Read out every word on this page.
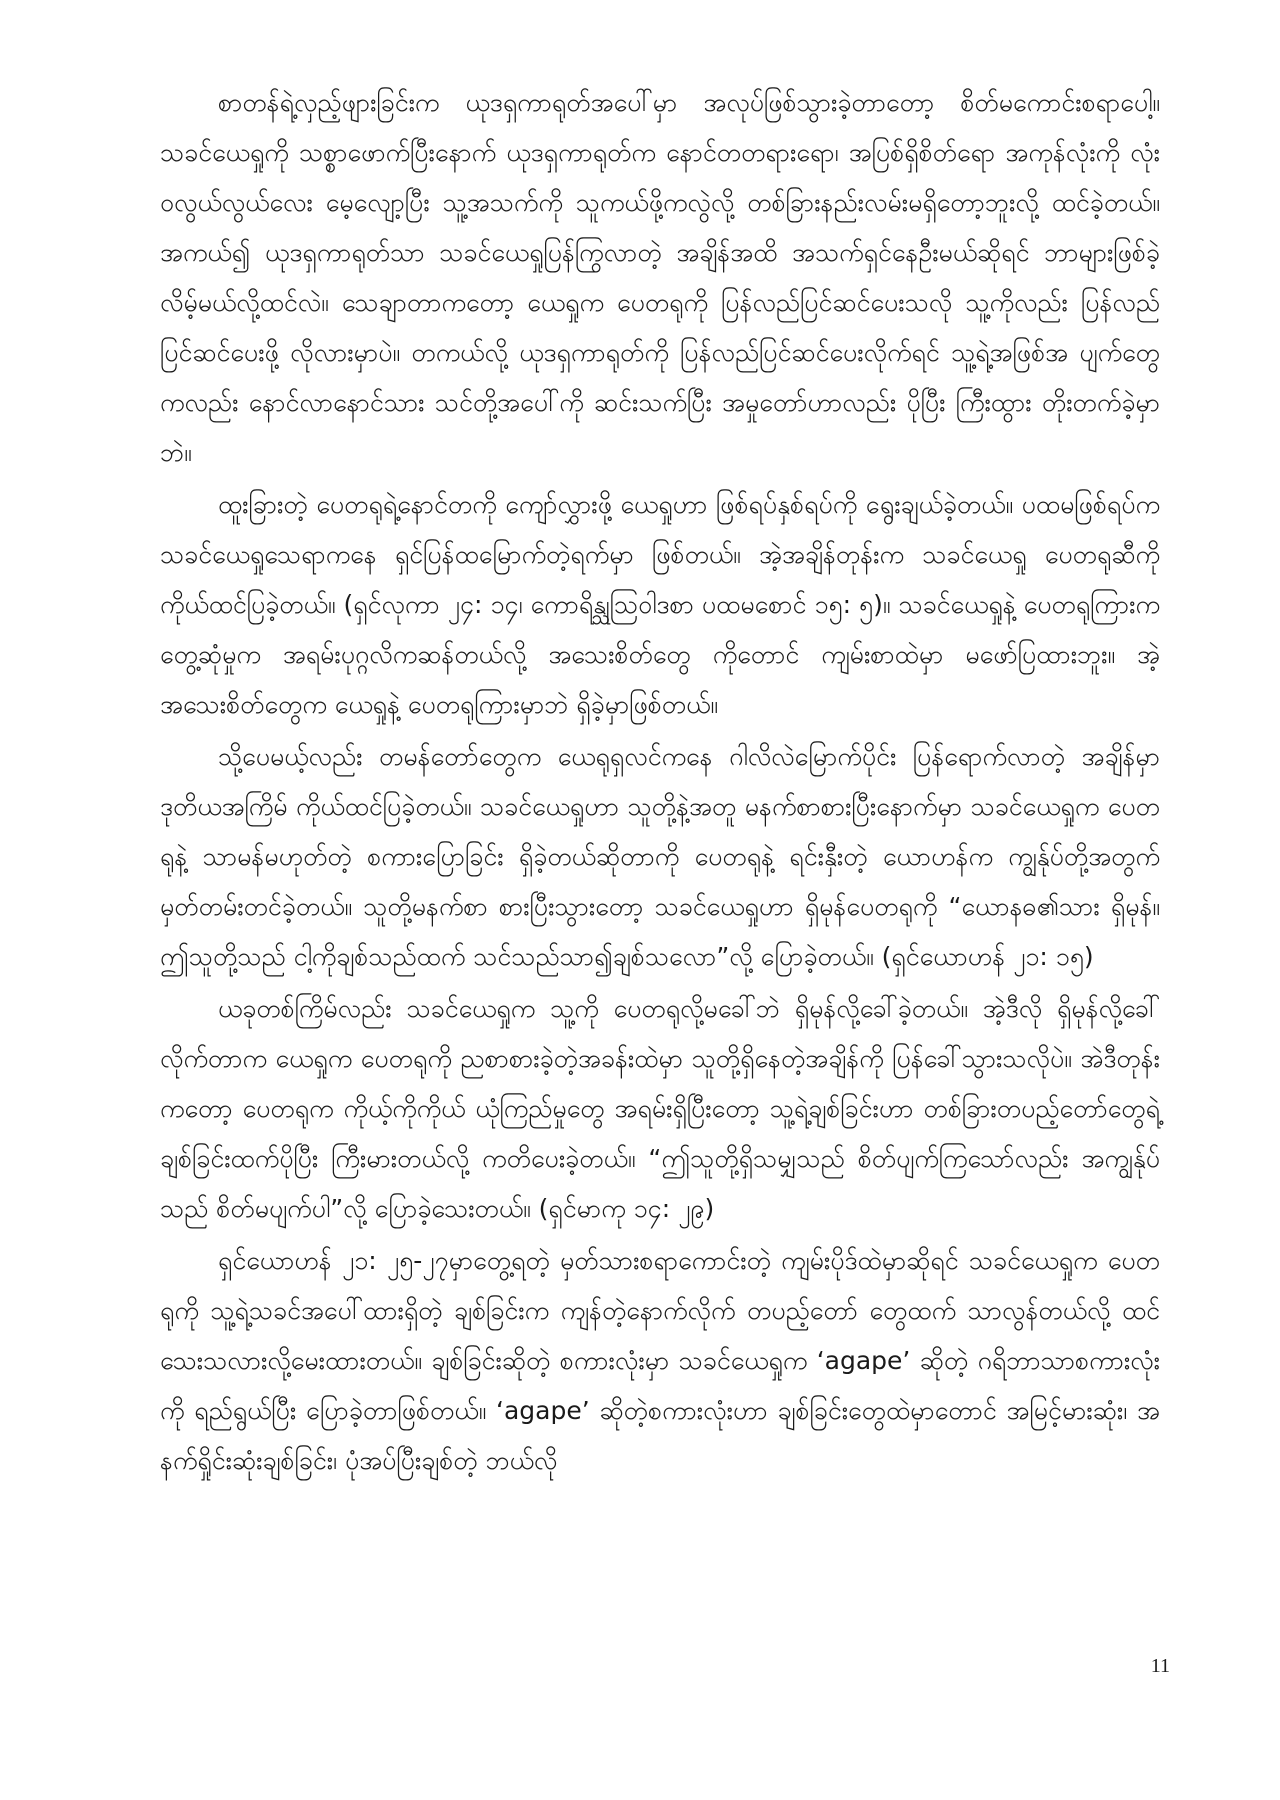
စာတန်ရဲ့လှည့်ဖျားခြင်းက ယုဒရှကာရုတ်အပေါ်မှာ အလုပ်ဖြစ်သွားခဲ့တာတော့ စိတ်မကောင်းစရာပေါ့။ သခင်ယေရှုကို သစ္စာဖောက်ပြီးနောက် ယုဒရှကာရုတ်က နောင်တတရားရော၊ အပြစ်ရှိစိတ်ရော အကုန်လုံးကို လုံးဝလွယ်လွယ်လေး မေ့လျော့ပြီး သူ့အသက်ကို သူကယ်ဖို့ကလွဲလို့ တစ်ခြားနည်းလမ်းမရှိတော့ဘူးလို့ ထင်ခဲ့တယ်။ အကယ်၍ ယုဒရှကာရုတ်သာ သခင်ယေရှုပြန်ကြွလာတဲ့ အချိန်အထိ အသက်ရှင်နေဦးမယ်ဆိုရင် ဘာများဖြစ်ခဲ့လိမ့်မယ်လို့ထင်လဲ။ သေချာတာကတော့ ယေရှုက ပေတရုကို ပြန်လည်ပြင်ဆင်ပေးသလို သူ့ကိုလည်း ပြန်လည်ပြင်ဆင်ပေးဖို့ လိုလားမှာပဲ။ တကယ်လို့ ယုဒရှကာရုတ်ကို ပြန်လည်ပြင်ဆင်ပေးလိုက်ရင် သူ့ရဲ့အဖြစ်အ ပျက်တွေကလည်း နောင်လာနောင်သား သင်တို့အပေါ်ကို ဆင်းသက်ပြီး အမှုတော်ဟာလည်း ပိုပြီး ကြီးထွား တိုးတက်ခဲ့မှာဘဲ။

ထူးခြားတဲ့ ပေတရုရဲ့နောင်တကို ကျော်လွှားဖို့ ယေရှုဟာ ဖြစ်ရပ်နှစ်ရပ်ကို ရွေးချယ်ခဲ့တယ်။ ပထမဖြစ်ရပ်က သခင်ယေရှုသေရာကနေ ရှင်ပြန်ထမြောက်တဲ့ရက်မှာ ဖြစ်တယ်။ အဲ့အချိန်တုန်းက သခင်ယေရှု ပေတရုဆီကို ကိုယ်ထင်ပြခဲ့တယ်။ (ရှင်လုကာ ၂၄: ၁၄၊ ကောရိန္သုသြဝါဒစာ ပထမစောင် ၁၅: ၅)။ သခင်ယေရှုနဲ့ ပေတရုကြားက တွေ့ဆုံမှုက အရမ်းပုဂ္ဂလိကဆန်တယ်လို့ အသေးစိတ်တွေ ကိုတောင် ကျမ်းစာထဲမှာ မဖော်ပြထားဘူး။ အဲ့အသေးစိတ်တွေက ယေရှုနဲ့ ပေတရုကြားမှာဘဲ ရှိခဲ့မှာဖြစ်တယ်။

သို့ပေမယ့်လည်း တမန်တော်တွေက ယေရုရှလင်ကနေ ဂါလိလဲမြောက်ပိုင်း ပြန်ရောက်လာတဲ့ အချိန်မှာ ဒုတိယအကြိမ် ကိုယ်ထင်ပြခဲ့တယ်။ သခင်ယေရှုဟာ သူတို့နဲ့အတူ မနက်စာစားပြီးနောက်မှာ သခင်ယေရှုက ပေတရုနဲ့ သာမန်မဟုတ်တဲ့ စကားပြောခြင်း ရှိခဲ့တယ်ဆိုတာကို ပေတရုနဲ့ ရင်းနှီးတဲ့ ယောဟန်က ကျွန်ုပ်တို့အတွက် မှတ်တမ်းတင်ခဲ့တယ်။ သူတို့မနက်စာ စားပြီးသွားတော့ သခင်ယေရှုဟာ ရှိမုန်ပေတရုကို “ယောနဓ၏သား ရှိမုန်။ ဤသူတို့သည် ငါ့ကိုချစ်သည်ထက် သင်သည်သာ၍ချစ်သလော”လို့ ပြောခဲ့တယ်။ (ရှင်ယောဟန် ၂၁: ၁၅)

ယခုတစ်ကြိမ်လည်း သခင်ယေရှုက သူ့ကို ပေတရုလို့မခေါ်ဘဲ ရှိမုန်လို့ခေါ်ခဲ့တယ်။ အဲ့ဒီလို ရှိမုန်လို့ခေါ်လိုက်တာက ယေရှုက ပေတရုကို ညစာစားခဲ့တဲ့အခန်းထဲမှာ သူတို့ရှိနေတဲ့အချိန်ကို ပြန်ခေါ်သွားသလိုပဲ။ အဲဒီတုန်းကတော့ ပေတရုက ကိုယ့်ကိုကိုယ် ယုံကြည်မှုတွေ အရမ်းရှိပြီးတော့ သူ့ရဲ့ချစ်ခြင်းဟာ တစ်ခြားတပည့်တော်တွေရဲ့ ချစ်ခြင်းထက်ပိုပြီး ကြီးမားတယ်လို့ ကတိပေးခဲ့တယ်။ “ဤသူတို့ရှိသမျှသည် စိတ်ပျက်ကြသော်လည်း အကျွန်ုပ်သည် စိတ်မပျက်ပါ”လို့ ပြောခဲ့သေးတယ်။ (ရှင်မာကု ၁၄: ၂၉)

ရှင်ယောဟန် ၂၁: ၂၅-၂၇မှာတွေ့ရတဲ့ မှတ်သားစရာကောင်းတဲ့ ကျမ်းပိုဒ်ထဲမှာဆိုရင် သခင်ယေရှုက ပေတရုကို သူ့ရဲ့သခင်အပေါ်ထားရှိတဲ့ ချစ်ခြင်းက ကျန်တဲ့နောက်လိုက် တပည့်တော် တွေထက် သာလွန်တယ်လို့ ထင်သေးသလားလို့မေးထားတယ်။ ချစ်ခြင်းဆိုတဲ့ စကားလုံးမှာ သခင်ယေရှုက ‘agape’ ဆိုတဲ့ ဂရိဘာသာစကားလုံးကို ရည်ရွယ်ပြီး ပြောခဲ့တာဖြစ်တယ်။ ‘agape’ ဆိုတဲ့စကားလုံးဟာ ချစ်ခြင်းတွေထဲမှာတောင် အမြင့်မားဆုံး၊ အနက်ရှိုင်းဆုံးချစ်ခြင်း၊ ပုံအပ်ပြီးချစ်တဲ့ ဘယ်လို

11
